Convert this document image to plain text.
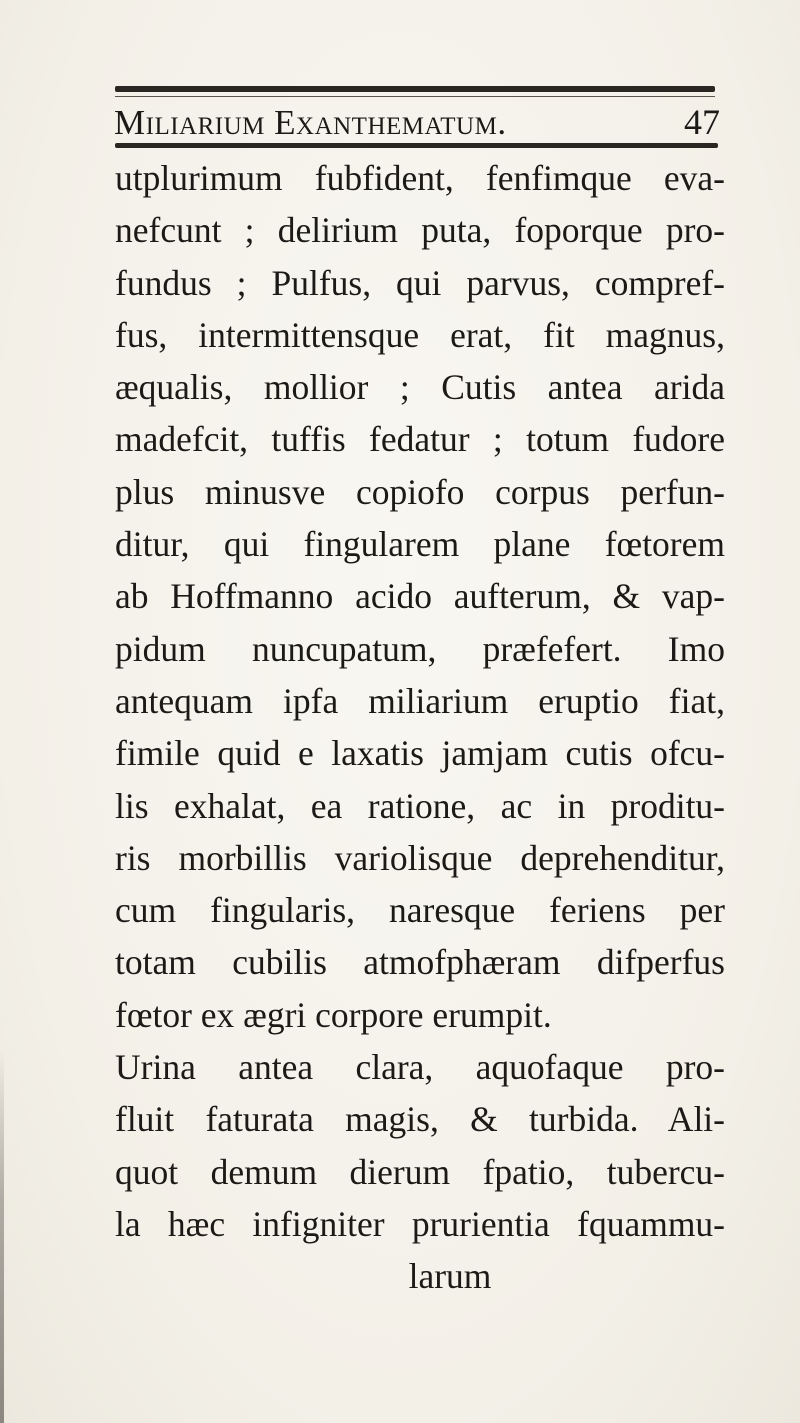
Miliarium Exanthematum.	47
utplurimum fubfident, fenfimque eva-
nefcunt ; delirium puta, foporque pro-
fundus ; Pulfus, qui parvus, compref-
fus, intermittensque erat, fit magnus,
æqualis, mollior ; Cutis antea arida
madefcit, tuffis fedatur ; totum fudore
plus minusve copiofo corpus perfun-
ditur, qui fingularem plane fœtorem
ab Hoffmanno acido aufterum, & vap-
pidum nuncupatum, præfefert. Imo
antequam ipfa miliarium eruptio fiat,
fimile quid e laxatis jamjam cutis ofcu-
lis exhalat, ea ratione, ac in proditu-
ris morbillis variolisque deprehenditur,
cum fingularis, naresque feriens per
totam cubilis atmofphæram difperfus
fœtor ex ægri corpore erumpit.
Urina antea clara, aquofaque pro-
fluit faturata magis, & turbida. Ali-
quot demum dierum fpatio, tubercu-
la hæc infigniter prurientia fquammu-
larum
